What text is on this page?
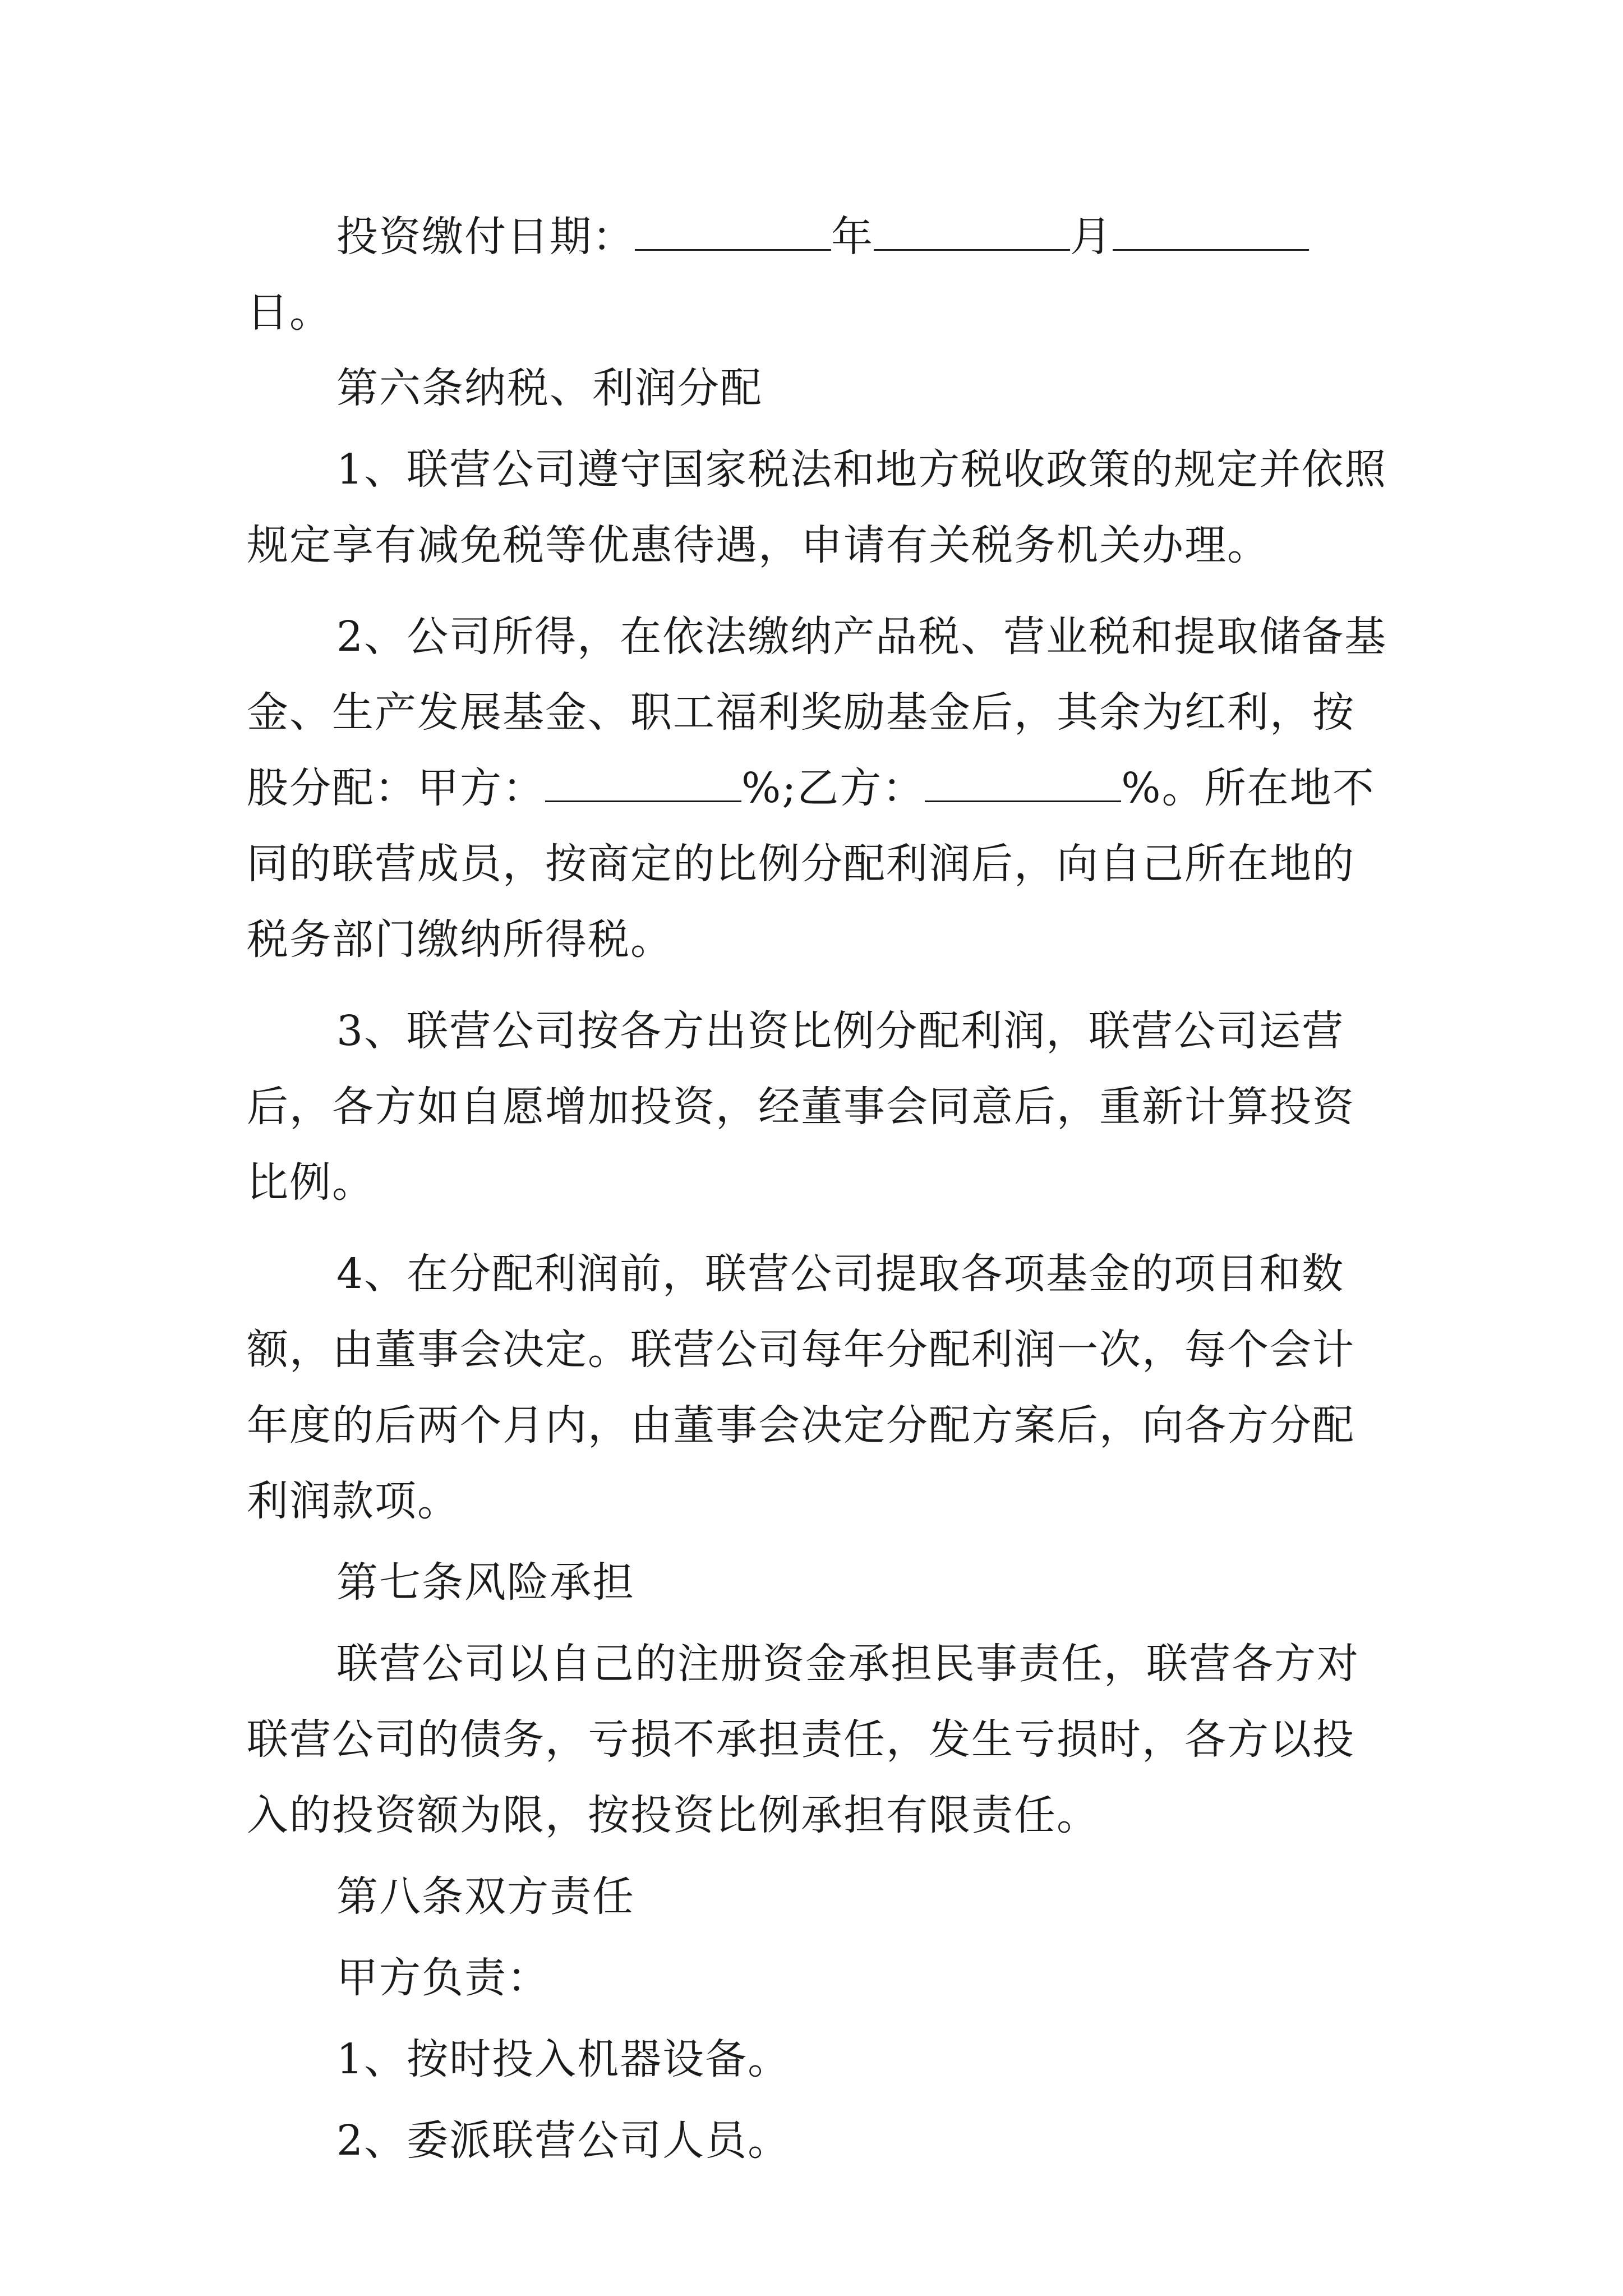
投资缴付日期：	年	月日。

第六条纳税、利润分配

1、联营公司遵守国家税法和地方税收政策的规定并依照规定享有减免税等优惠待遇，申请有关税务机关办理。

2、公司所得，在依法缴纳产品税、营业税和提取储备基金、生产发展基金、职工福利奖励基金后，其余为红利，按股分配：甲方：	%;乙方：	%。所在地不同的联营成员，按商定的比例分配利润后，向自己所在地的税务部门缴纳所得税。

3、联营公司按各方出资比例分配利润，联营公司运营后，各方如自愿增加投资，经董事会同意后，重新计算投资比例。

4、在分配利润前，联营公司提取各项基金的项目和数额，由董事会决定。联营公司每年分配利润一次，每个会计年度的后两个月内，由董事会决定分配方案后，向各方分配利润款项。

第七条风险承担

联营公司以自己的注册资金承担民事责任，联营各方对联营公司的债务，亏损不承担责任，发生亏损时，各方以投入的投资额为限，按投资比例承担有限责任。

第八条双方责任

甲方负责：

1、按时投入机器设备。

2、委派联营公司人员。
